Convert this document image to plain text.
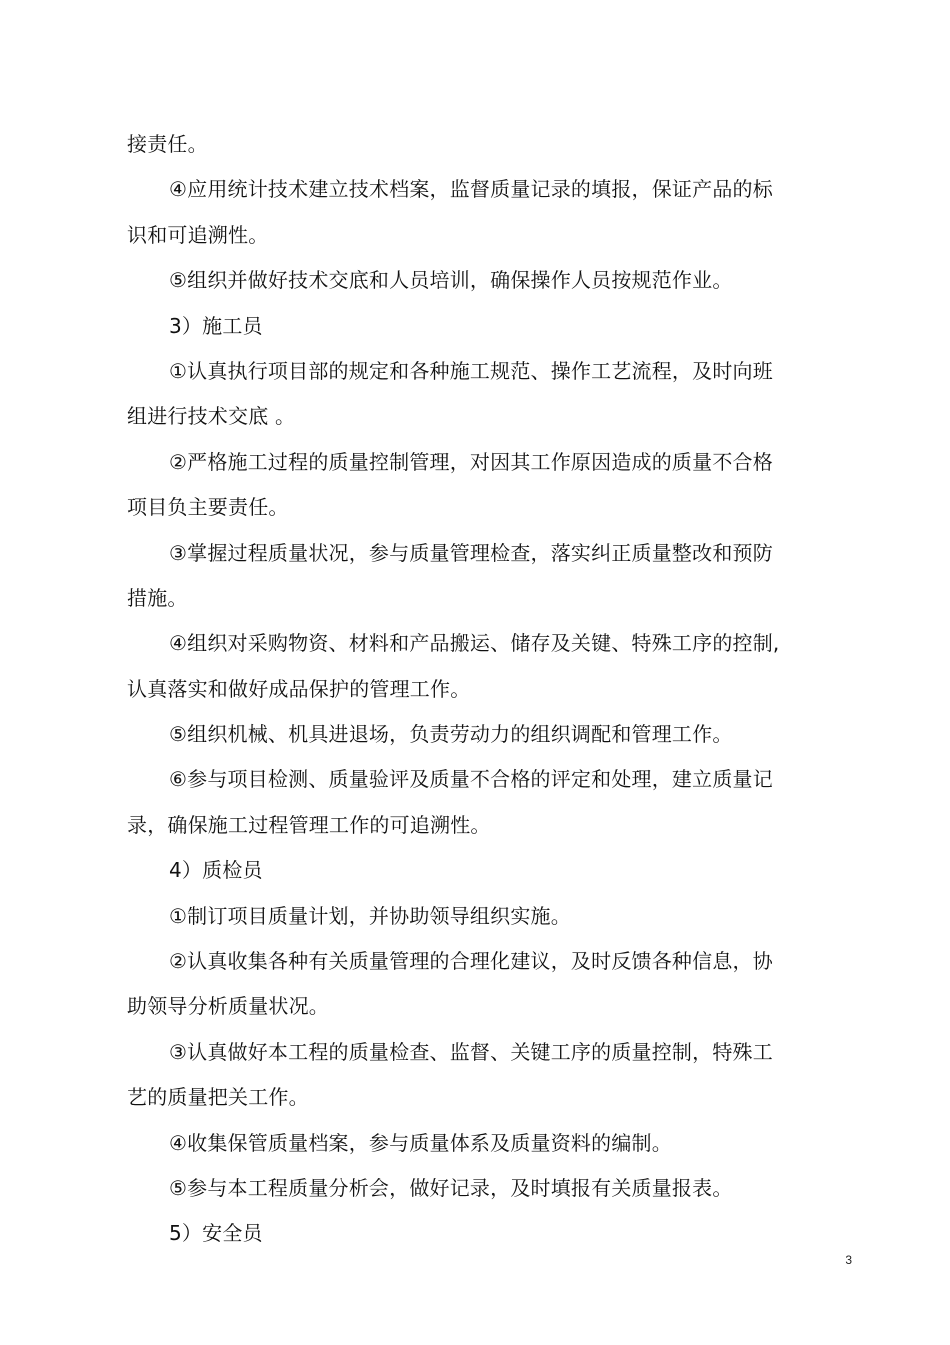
接责任。
④应用统计技术建立技术档案，监督质量记录的填报，保证产品的标
识和可追溯性。
⑤组织并做好技术交底和人员培训，确保操作人员按规范作业。
3）施工员
①认真执行项目部的规定和各种施工规范、操作工艺流程，及时向班
组进行技术交底 。
②严格施工过程的质量控制管理，对因其工作原因造成的质量不合格
项目负主要责任。
③掌握过程质量状况，参与质量管理检查，落实纠正质量整改和预防
措施。
④组织对采购物资、材料和产品搬运、储存及关键、特殊工序的控制,
认真落实和做好成品保护的管理工作。
⑤组织机械、机具进退场，负责劳动力的组织调配和管理工作。
⑥参与项目检测、质量验评及质量不合格的评定和处理，建立质量记
录，确保施工过程管理工作的可追溯性。
4）质检员
①制订项目质量计划，并协助领导组织实施。
②认真收集各种有关质量管理的合理化建议，及时反馈各种信息，协
助领导分析质量状况。
③认真做好本工程的质量检查、监督、关键工序的质量控制，特殊工
艺的质量把关工作。
④收集保管质量档案，参与质量体系及质量资料的编制。
⑤参与本工程质量分析会，做好记录，及时填报有关质量报表。
5）安全员
3
